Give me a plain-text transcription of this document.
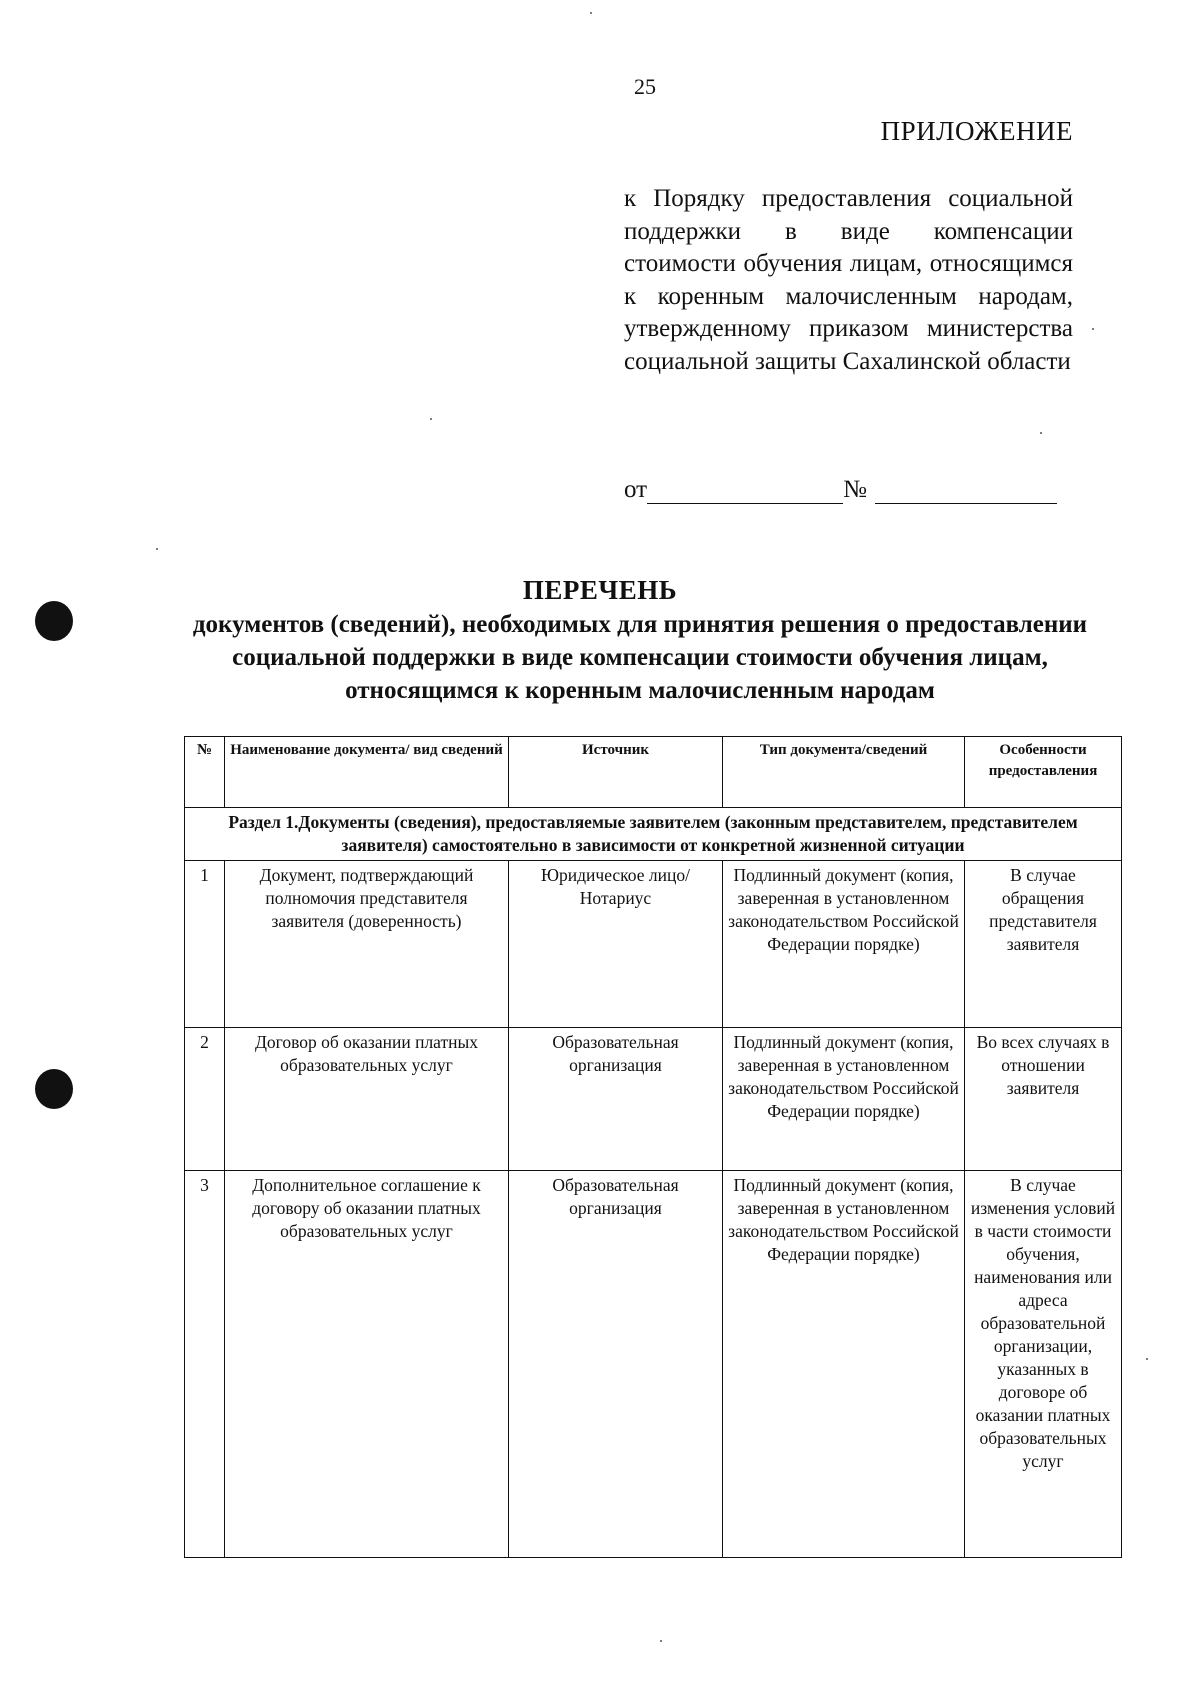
25
ПРИЛОЖЕНИЕ
к Порядку предоставления социальной поддержки в виде компенсации стоимости обучения лицам, относящимся к коренным малочисленным народам, утвержденному приказом министерства социальной защиты Сахалинской области
от	№
ПЕРЕЧЕНЬ
документов (сведений), необходимых для принятия решения о предоставлении социальной поддержки в виде компенсации стоимости обучения лицам, относящимся к коренным малочисленным народам
№	Наименование документа/ вид сведений	Источник	Тип документа/сведений	Особенности предоставления
Раздел 1.Документы (сведения), предоставляемые заявителем (законным представителем, представителем заявителя) самостоятельно в зависимости от конкретной жизненной ситуации				
1	Документ, подтверждающий полномочия представителя заявителя (доверенность)	Юридическое лицо/ Нотариус	Подлинный документ (копия, заверенная в установленном законодательством Российской Федерации порядке)	В случае обращения представителя заявителя
2	Договор об оказании платных образовательных услуг	Образовательная организация	Подлинный документ (копия, заверенная в установленном законодательством Российской Федерации порядке)	Во всех случаях в отношении заявителя
3	Дополнительное соглашение к договору об оказании платных образовательных услуг	Образовательная организация	Подлинный документ (копия, заверенная в установленном законодательством Российской Федерации порядке)	В случае изменения условий в части стоимости обучения, наименования или адреса образовательной организации, указанных в договоре об оказании платных образовательных услуг
